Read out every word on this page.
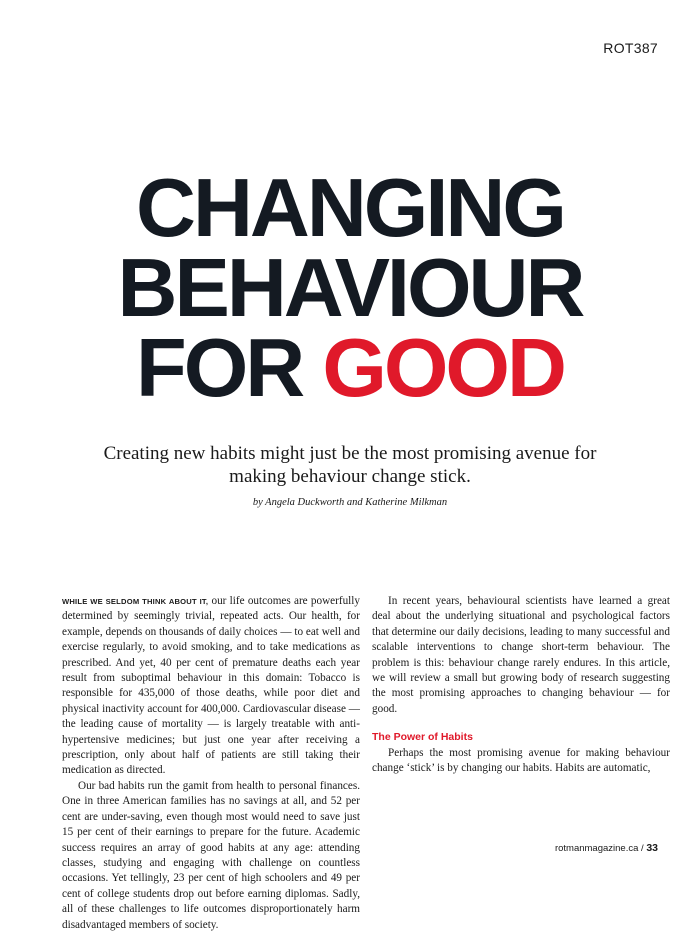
ROT387
CHANGING
BEHAVIOUR
FOR GOOD
Creating new habits might just be the most promising avenue for making behaviour change stick.
by Angela Duckworth and Katherine Milkman

WHILE WE SELDOM THINK ABOUT IT, our life outcomes are powerfully determined by seemingly trivial, repeated acts. Our health, for example, depends on thousands of daily choices — to eat well and exercise regularly, to avoid smoking, and to take medications as prescribed. And yet, 40 per cent of premature deaths each year result from suboptimal behaviour in this domain: Tobacco is responsible for 435,000 of those deaths, while poor diet and physical inactivity account for 400,000. Cardiovascular disease — the leading cause of mortality — is largely treatable with anti-hypertensive medicines; but just one year after receiving a prescription, only about half of patients are still taking their medication as directed.

Our bad habits run the gamit from health to personal finances. One in three American families has no savings at all, and 52 per cent are under-saving, even though most would need to save just 15 per cent of their earnings to prepare for the future. Academic success requires an array of good habits at any age: attending classes, studying and engaging with challenge on countless occasions. Yet tellingly, 23 per cent of high schoolers and 49 per cent of college students drop out before earning diplomas. Sadly, all of these challenges to life outcomes disproportionately harm disadvantaged members of society.

In recent years, behavioural scientists have learned a great deal about the underlying situational and psychological factors that determine our daily decisions, leading to many successful and scalable interventions to change short-term behaviour. The problem is this: behaviour change rarely endures. In this article, we will review a small but growing body of research suggesting the most promising approaches to changing behaviour — for good.

The Power of Habits

Perhaps the most promising avenue for making behaviour change ‘stick’ is by changing our habits. Habits are automatic,

rotmanmagazine.ca / 33
